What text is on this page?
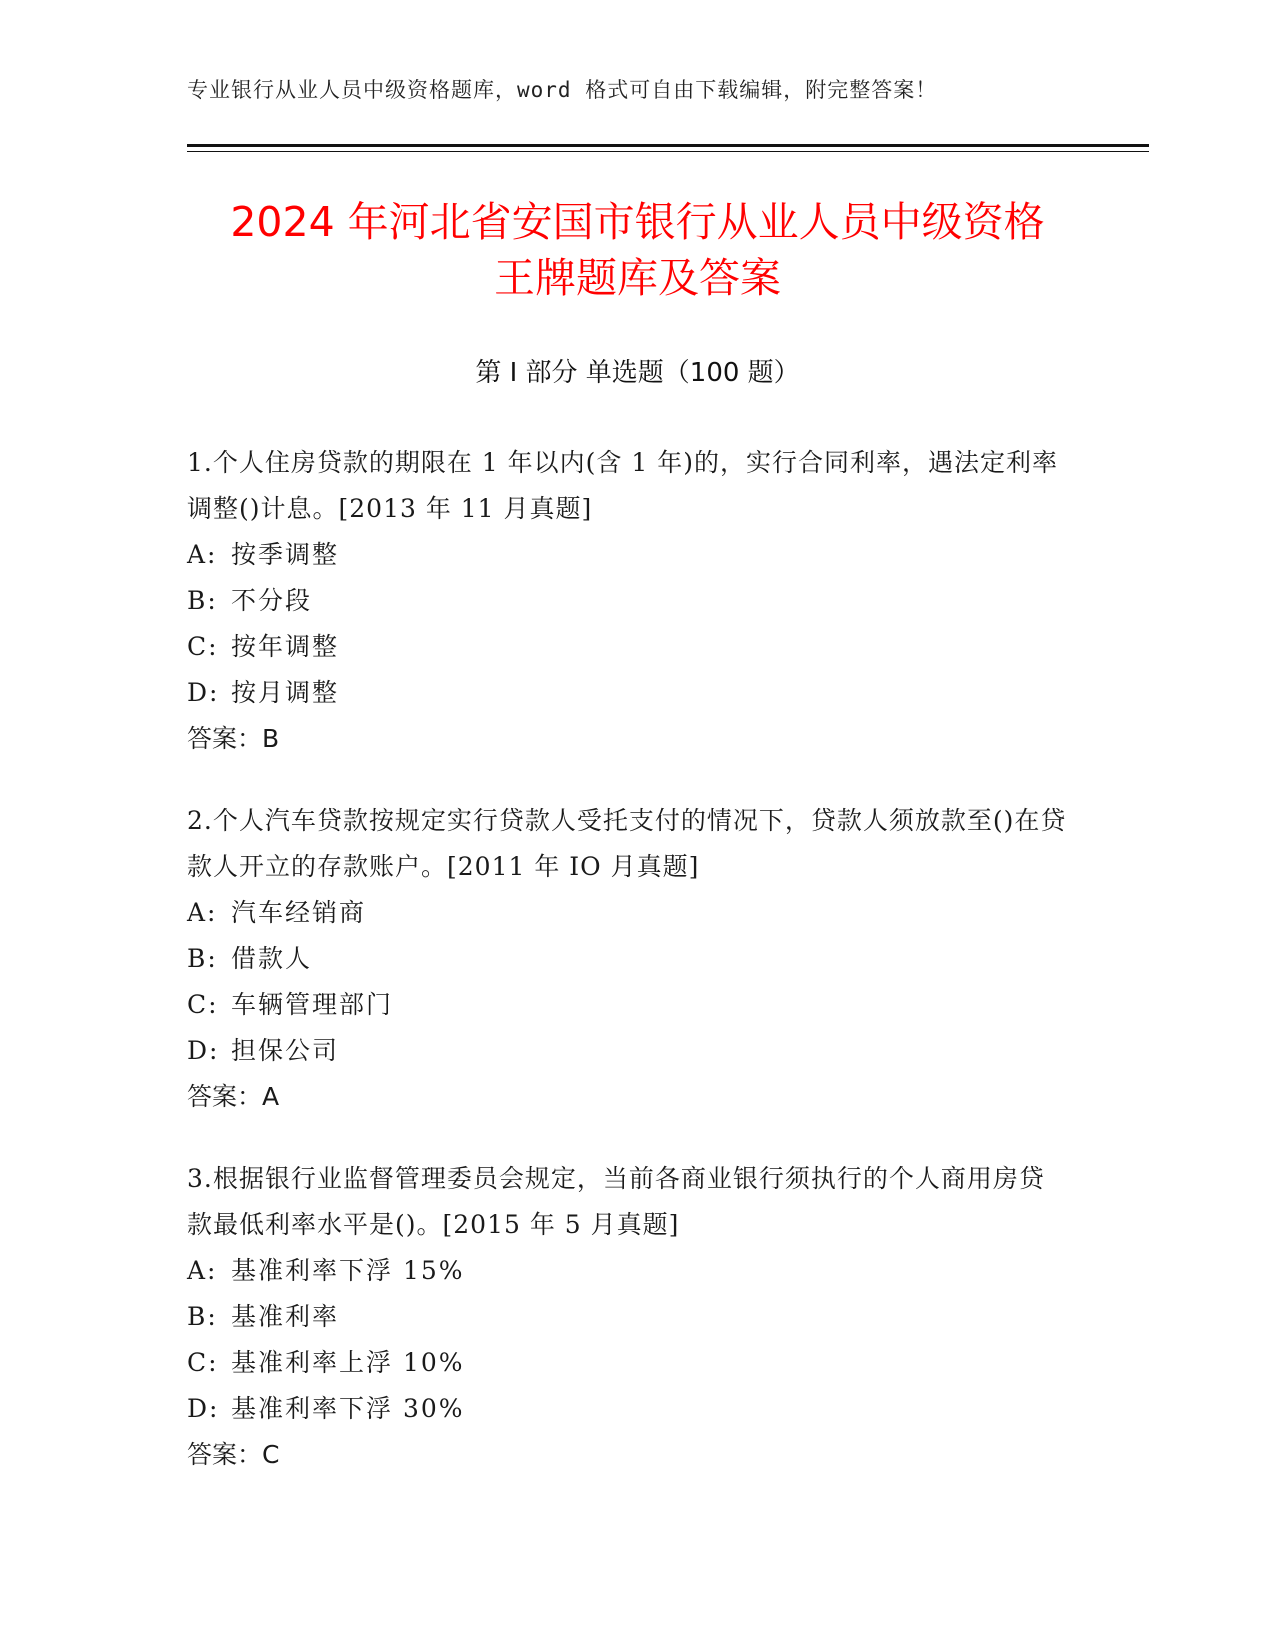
专业银行从业人员中级资格题库，word 格式可自由下载编辑，附完整答案！
2024 年河北省安国市银行从业人员中级资格
王牌题库及答案
第 I 部分 单选题（100 题）

1.个人住房贷款的期限在 1 年以内(含 1 年)的，实行合同利率，遇法定利率调整()计息。[2013 年 11 月真题]

A: 按季调整

B: 不分段

C: 按年调整

D: 按月调整

答案：B

2.个人汽车贷款按规定实行贷款人受托支付的情况下，贷款人须放款至()在贷款人开立的存款账户。[2011 年 IO 月真题]

A: 汽车经销商

B: 借款人

C: 车辆管理部门

D: 担保公司

答案：A

3.根据银行业监督管理委员会规定，当前各商业银行须执行的个人商用房贷款最低利率水平是()。[2015 年 5 月真题]

A: 基准利率下浮 15%

B: 基准利率

C: 基准利率上浮 10%

D: 基准利率下浮 30%

答案：C
